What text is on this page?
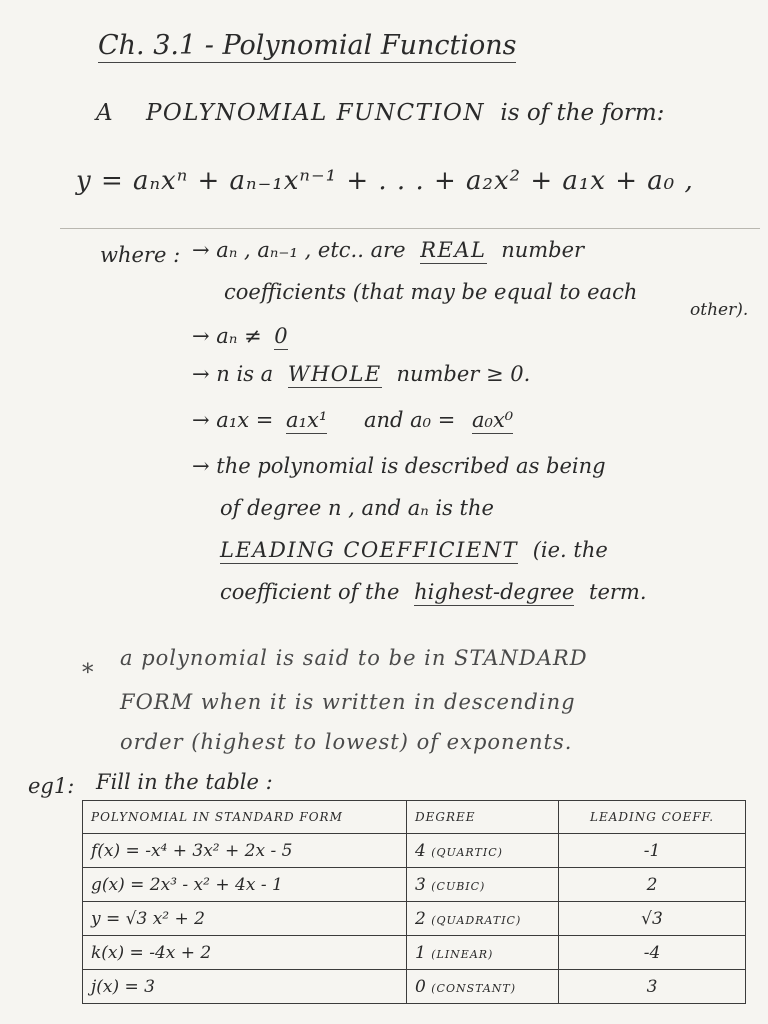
Ch. 3.1 - Polynomial Functions
A POLYNOMIAL FUNCTION is of the form:
y = aₙxⁿ + aₙ₋₁xⁿ⁻¹ + . . . + a₂x² + a₁x + a₀ ,
where : → aₙ , aₙ₋₁ , etc.. are REAL number
coefficients (that may be equal to each
other).
→ aₙ ≠ 0
→ n is a WHOLE number ≥ 0.
→ a₁x = a₁x¹ and a₀ = a₀x⁰
→ the polynomial is described as being
of degree n , and aₙ is the
LEADING COEFFICIENT (ie. the
coefficient of the highest-degree term.
*
a polynomial is said to be in STANDARD
FORM when it is written in descending
order (highest to lowest) of exponents.
eg1: Fill in the table :
POLYNOMIAL IN STANDARD FORM	DEGREE	LEADING COEFF.
f(x) = -x⁴ + 3x² + 2x - 5	4 (QUARTIC)	-1
g(x) = 2x³ - x² + 4x - 1	3 (CUBIC)	2
y = √3 x² + 2	2 (QUADRATIC)	√3
k(x) = -4x + 2	1 (LINEAR)	-4
j(x) = 3	0 (CONSTANT)	3
